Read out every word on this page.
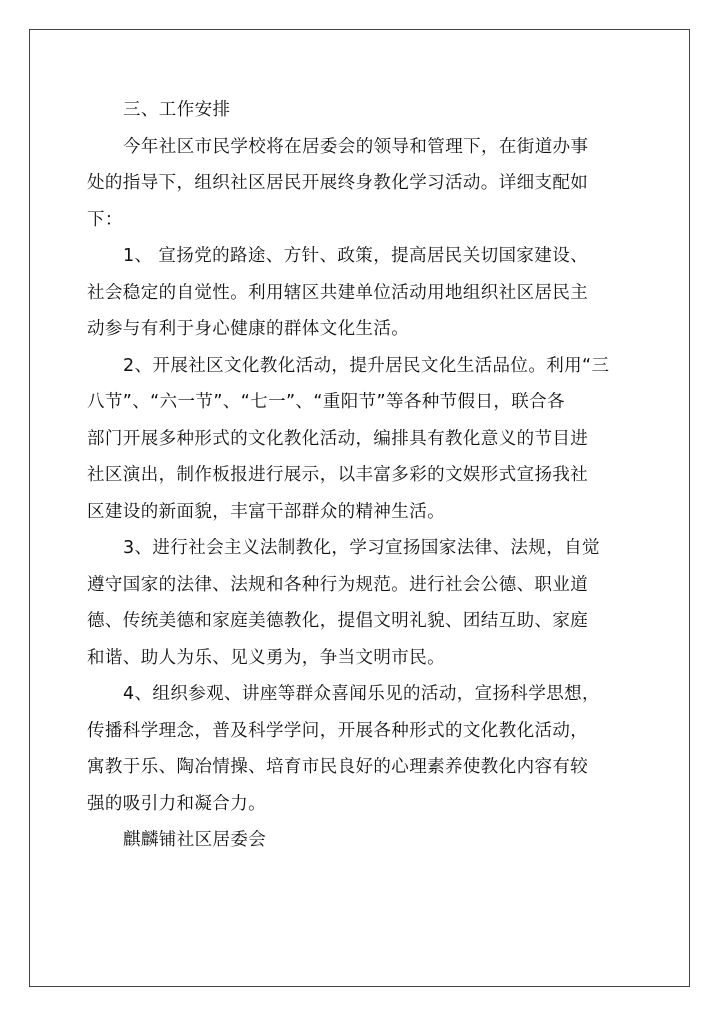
三、工作安排
今年社区市民学校将在居委会的领导和管理下，在街道办事
处的指导下，组织社区居民开展终身教化学习活动。详细支配如
下：
1、 宣扬党的路途、方针、政策，提高居民关切国家建设、
社会稳定的自觉性。利用辖区共建单位活动用地组织社区居民主
动参与有利于身心健康的群体文化生活。
2、开展社区文化教化活动，提升居民文化生活品位。利用“三
八节”、“六一节”、“七一”、“重阳节”等各种节假日，联合各
部门开展多种形式的文化教化活动，编排具有教化意义的节目进
社区演出，制作板报进行展示，以丰富多彩的文娱形式宣扬我社
区建设的新面貌，丰富干部群众的精神生活。
3、进行社会主义法制教化，学习宣扬国家法律、法规，自觉
遵守国家的法律、法规和各种行为规范。进行社会公德、职业道
德、传统美德和家庭美德教化，提倡文明礼貌、团结互助、家庭
和谐、助人为乐、见义勇为，争当文明市民。
4、组织参观、讲座等群众喜闻乐见的活动，宣扬科学思想，
传播科学理念，普及科学学问，开展各种形式的文化教化活动，
寓教于乐、陶冶情操、培育市民良好的心理素养使教化内容有较
强的吸引力和凝合力。
麒麟铺社区居委会
